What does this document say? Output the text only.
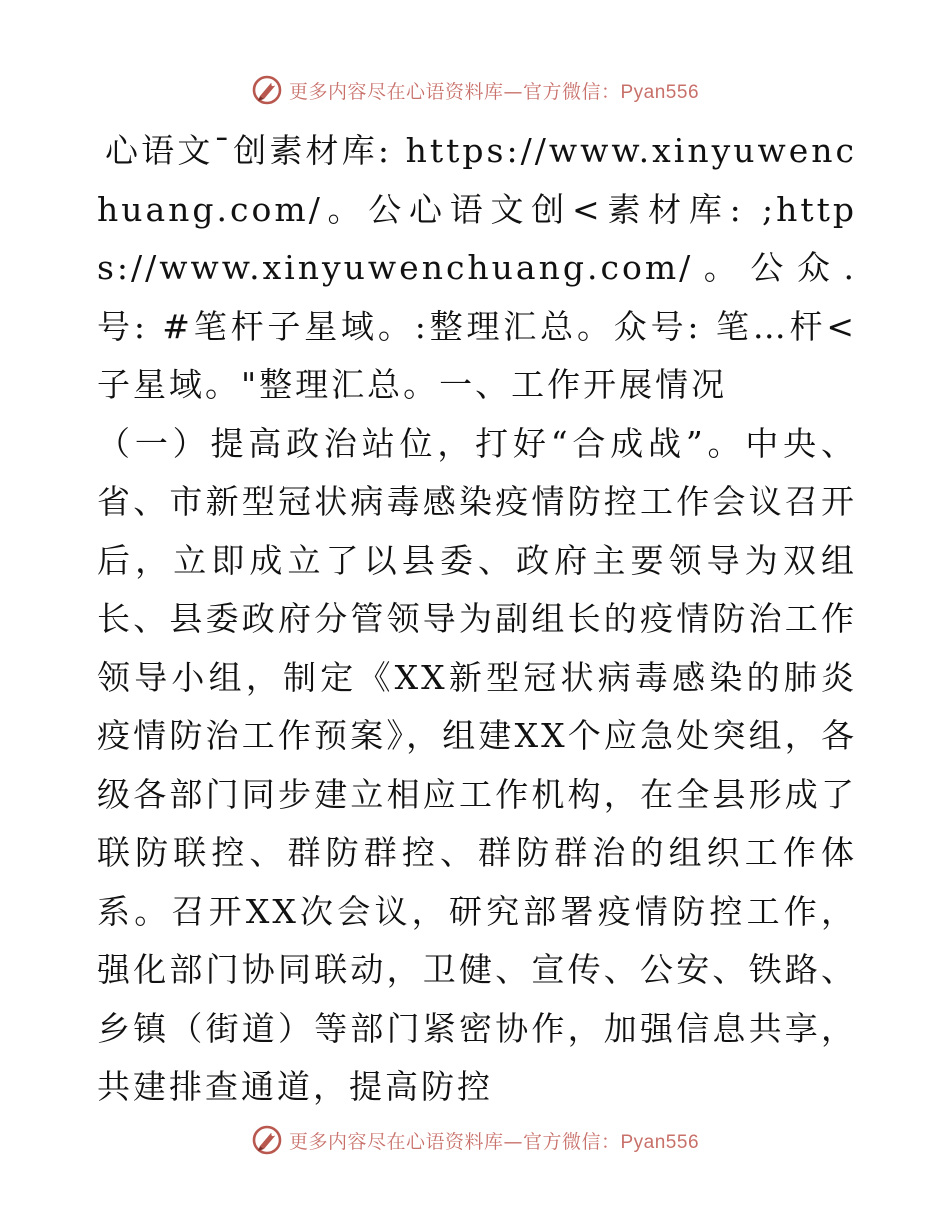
更多内容尽在心语资料库—官方微信：Pyan556

心语文¯创素材库: https://www.xinyuwenchuang.com/。公心语文创<素材库: ;https://www.xinyuwenchuang.com/。公众.号: #笔杆子星域。:整理汇总。众号: 笔…杆<子星域。"整理汇总。一、工作开展情况

（一）提高政治站位，打好“合成战”。中央、省、市新型冠状病毒感染疫情防控工作会议召开后，立即成立了以县委、政府主要领导为双组长、县委政府分管领导为副组长的疫情防治工作领导小组，制定《XX新型冠状病毒感染的肺炎疫情防治工作预案》，组建XX个应急处突组，各级各部门同步建立相应工作机构，在全县形成了联防联控、群防群控、群防群治的组织工作体系。召开XX次会议，研究部署疫情防控工作，强化部门协同联动，卫健、宣传、公安、铁路、乡镇（街道）等部门紧密协作，加强信息共享，共建排查通道，提高防控

更多内容尽在心语资料库—官方微信：Pyan556
